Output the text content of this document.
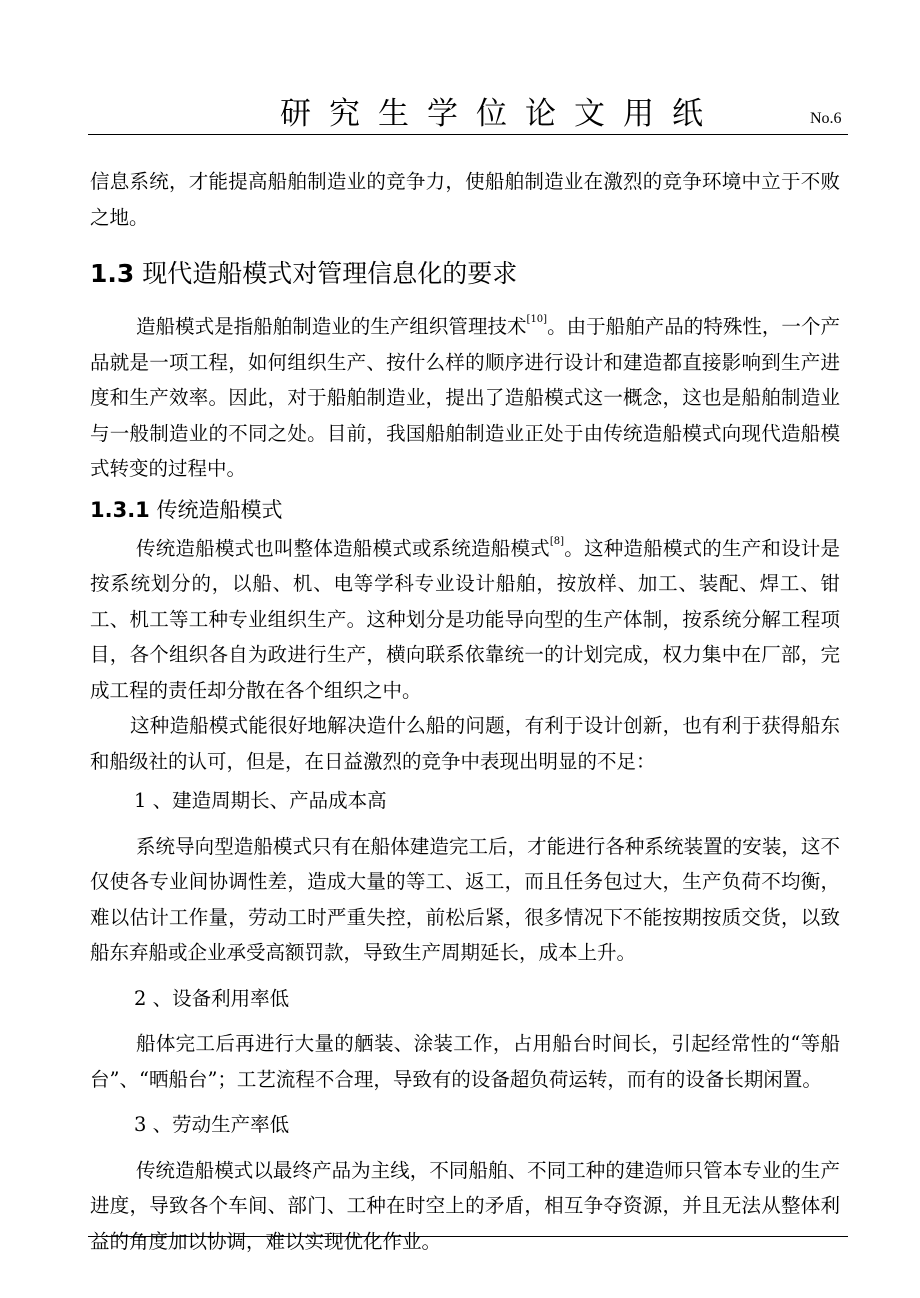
研究生学位论文用纸	No.6

信息系统，才能提高船舶制造业的竞争力，使船舶制造业在激烈的竞争环境中立于不败之地。

1.3 现代造船模式对管理信息化的要求

造船模式是指船舶制造业的生产组织管理技术[10]。由于船舶产品的特殊性，一个产品就是一项工程，如何组织生产、按什么样的顺序进行设计和建造都直接影响到生产进度和生产效率。因此，对于船舶制造业，提出了造船模式这一概念，这也是船舶制造业与一般制造业的不同之处。目前，我国船舶制造业正处于由传统造船模式向现代造船模式转变的过程中。

1.3.1 传统造船模式

传统造船模式也叫整体造船模式或系统造船模式[8]。这种造船模式的生产和设计是按系统划分的，以船、机、电等学科专业设计船舶，按放样、加工、装配、焊工、钳工、机工等工种专业组织生产。这种划分是功能导向型的生产体制，按系统分解工程项目，各个组织各自为政进行生产，横向联系依靠统一的计划完成，权力集中在厂部，完成工程的责任却分散在各个组织之中。

这种造船模式能很好地解决造什么船的问题，有利于设计创新，也有利于获得船东和船级社的认可，但是，在日益激烈的竞争中表现出明显的不足：

1 、建造周期长、产品成本高

系统导向型造船模式只有在船体建造完工后，才能进行各种系统装置的安装，这不仅使各专业间协调性差，造成大量的等工、返工，而且任务包过大，生产负荷不均衡，难以估计工作量，劳动工时严重失控，前松后紧，很多情况下不能按期按质交货，以致船东弃船或企业承受高额罚款，导致生产周期延长，成本上升。

2 、设备利用率低

船体完工后再进行大量的舾装、涂装工作，占用船台时间长，引起经常性的“等船台”、“晒船台”；工艺流程不合理，导致有的设备超负荷运转，而有的设备长期闲置。

3 、劳动生产率低

传统造船模式以最终产品为主线，不同船舶、不同工种的建造师只管本专业的生产进度，导致各个车间、部门、工种在时空上的矛盾，相互争夺资源，并且无法从整体利益的角度加以协调，难以实现优化作业。
